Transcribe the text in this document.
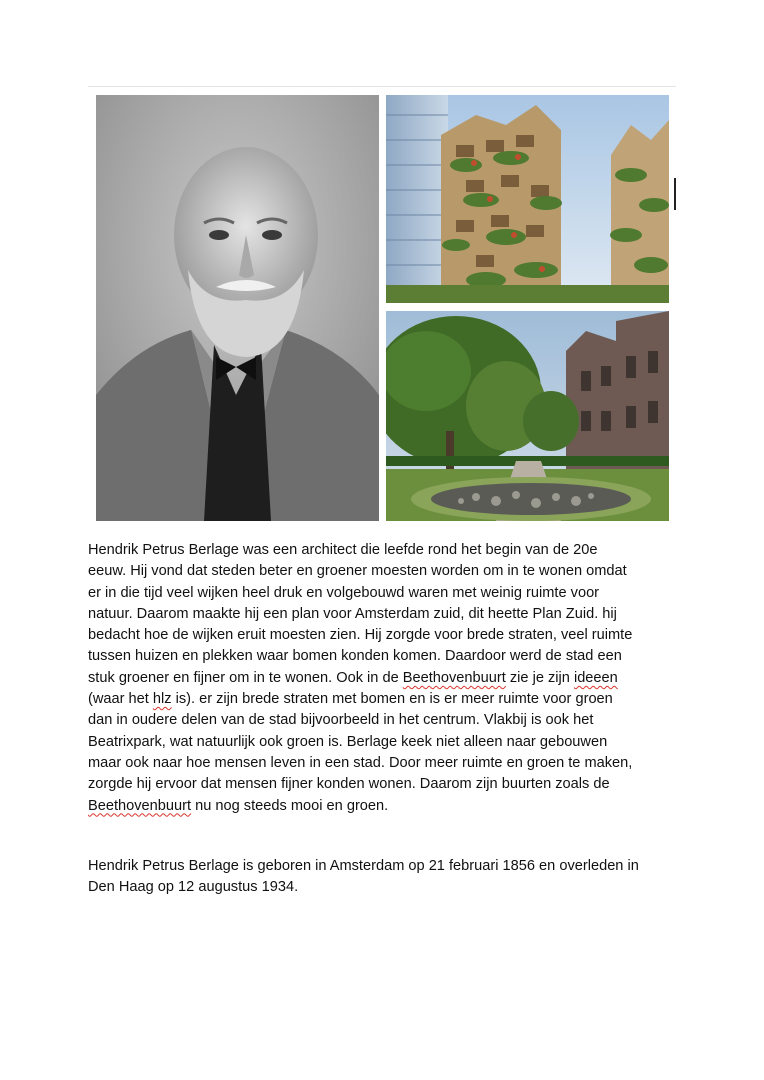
Hendrik Petrus Berlage was een architect die leefde rond het begin van de 20e
eeuw. Hij vond dat steden beter en groener moesten worden om in te wonen omdat
er in die tijd veel wijken heel druk en volgebouwd waren met weinig ruimte voor
natuur. Daarom maakte hij een plan voor Amsterdam zuid, dit heette Plan Zuid. hij
bedacht hoe de wijken eruit moesten zien. Hij zorgde voor brede straten, veel ruimte
tussen huizen en plekken waar bomen konden komen. Daardoor werd de stad een
stuk groener en fijner om in te wonen. Ook in de Beethovenbuurt zie je zijn ideeen
(waar het hlz is). er zijn brede straten met bomen en is er meer ruimte voor groen
dan in oudere delen van de stad bijvoorbeeld in het centrum. Vlakbij is ook het
Beatrixpark, wat natuurlijk ook groen is. Berlage keek niet alleen naar gebouwen
maar ook naar hoe mensen leven in een stad. Door meer ruimte en groen te maken,
zorgde hij ervoor dat mensen fijner konden wonen. Daarom zijn buurten zoals de
Beethovenbuurt nu nog steeds mooi en groen.
Hendrik Petrus Berlage is geboren in Amsterdam op 21 februari 1856 en overleden in
Den Haag op 12 augustus 1934.
